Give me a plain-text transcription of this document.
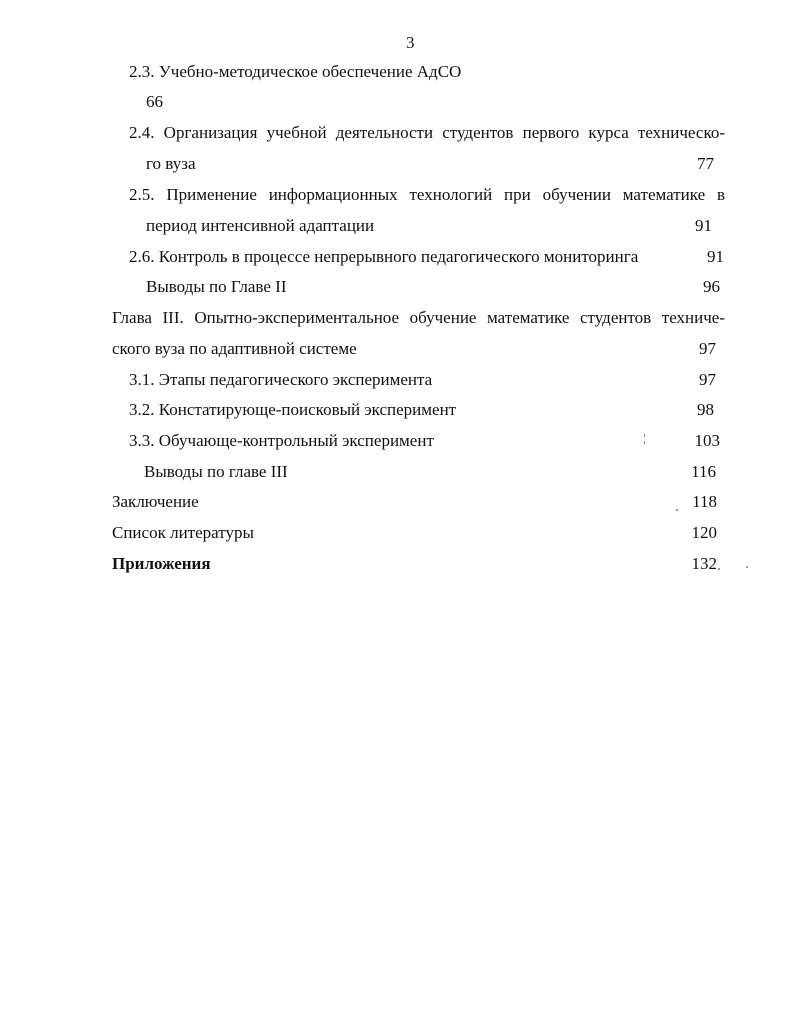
3
2.3. Учебно-методическое обеспечение АдСО
66
2.4. Организация учебной деятельности студентов первого курса техническо-
го вуза	77
2.5. Применение информационных технологий при обучении математике в
период интенсивной адаптации	91
2.6. Контроль в процессе непрерывного педагогического мониторинга	91
Выводы по Главе II	96
Глава III. Опытно-экспериментальное обучение математике студентов техниче-
ского вуза по адаптивной системе	97
3.1. Этапы педагогического эксперимента	97
3.2. Констатирующе-поисковый эксперимент	98
3.3. Обучающе-контрольный эксперимент	103
Выводы по главе III	116
Заключение	118
Список литературы	120
Приложения	132
